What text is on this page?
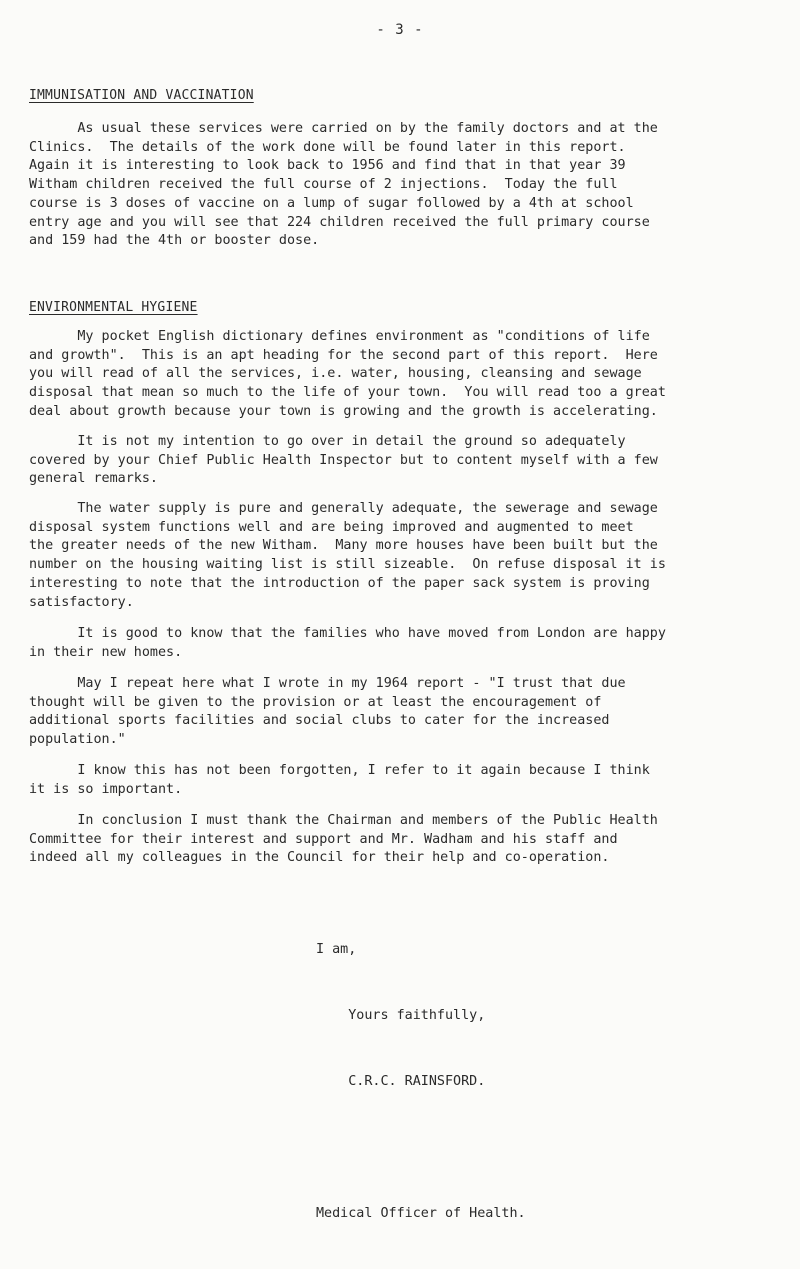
- 3 -
IMMUNISATION AND VACCINATION

As usual these services were carried on by the family doctors and at the
Clinics.  The details of the work done will be found later in this report.
Again it is interesting to look back to 1956 and find that in that year 39
Witham children received the full course of 2 injections.  Today the full
course is 3 doses of vaccine on a lump of sugar followed by a 4th at school
entry age and you will see that 224 children received the full primary course
and 159 had the 4th or booster dose.

ENVIRONMENTAL HYGIENE

My pocket English dictionary defines environment as "conditions of life
and growth".  This is an apt heading for the second part of this report.  Here
you will read of all the services, i.e. water, housing, cleansing and sewage
disposal that mean so much to the life of your town.  You will read too a great
deal about growth because your town is growing and the growth is accelerating.

It is not my intention to go over in detail the ground so adequately
covered by your Chief Public Health Inspector but to content myself with a few
general remarks.

The water supply is pure and generally adequate, the sewerage and sewage
disposal system functions well and are being improved and augmented to meet
the greater needs of the new Witham.  Many more houses have been built but the
number on the housing waiting list is still sizeable.  On refuse disposal it is
interesting to note that the introduction of the paper sack system is proving
satisfactory.

It is good to know that the families who have moved from London are happy
in their new homes.

May I repeat here what I wrote in my 1964 report - "I trust that due
thought will be given to the provision or at least the encouragement of
additional sports facilities and social clubs to cater for the increased
population."

I know this has not been forgotten, I refer to it again because I think
it is so important.

In conclusion I must thank the Chairman and members of the Public Health
Committee for their interest and support and Mr. Wadham and his staff and
indeed all my colleagues in the Council for their help and co-operation.

I am,

Yours faithfully,

C.R.C. RAINSFORD.

Medical Officer of Health.
